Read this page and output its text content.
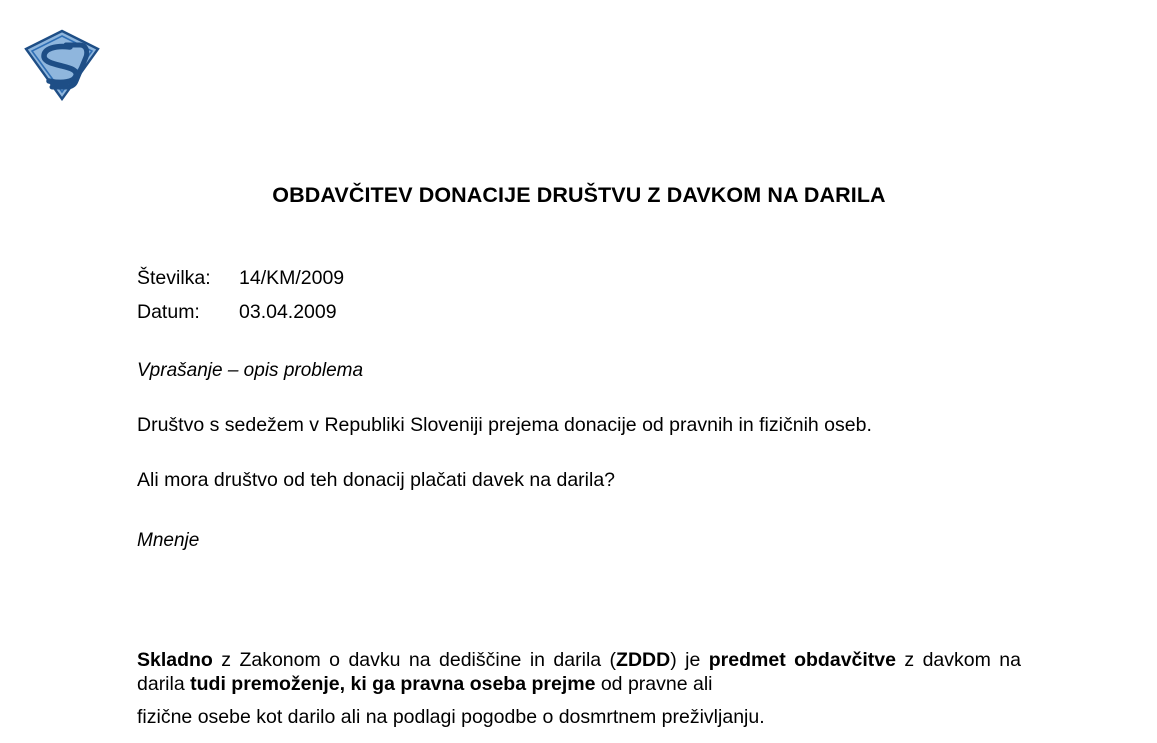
OBDAVČITEV DONACIJE DRUŠTVU Z DAVKOM NA DARILA
Številka:	14/KM/2009
Datum:	03.04.2009
Vprašanje – opis problema
Društvo s sedežem v Republiki Sloveniji prejema donacije od pravnih in fizičnih oseb.
Ali mora društvo od teh donacij plačati davek na darila?
Mnenje
Skladno z Zakonom o davku na dediščine in darila (ZDDD) je predmet obdavčitve z davkom na darila tudi premoženje, ki ga pravna oseba prejme od pravne ali
fizične osebe kot darilo ali na podlagi pogodbe o dosmrtnem preživljanju.
